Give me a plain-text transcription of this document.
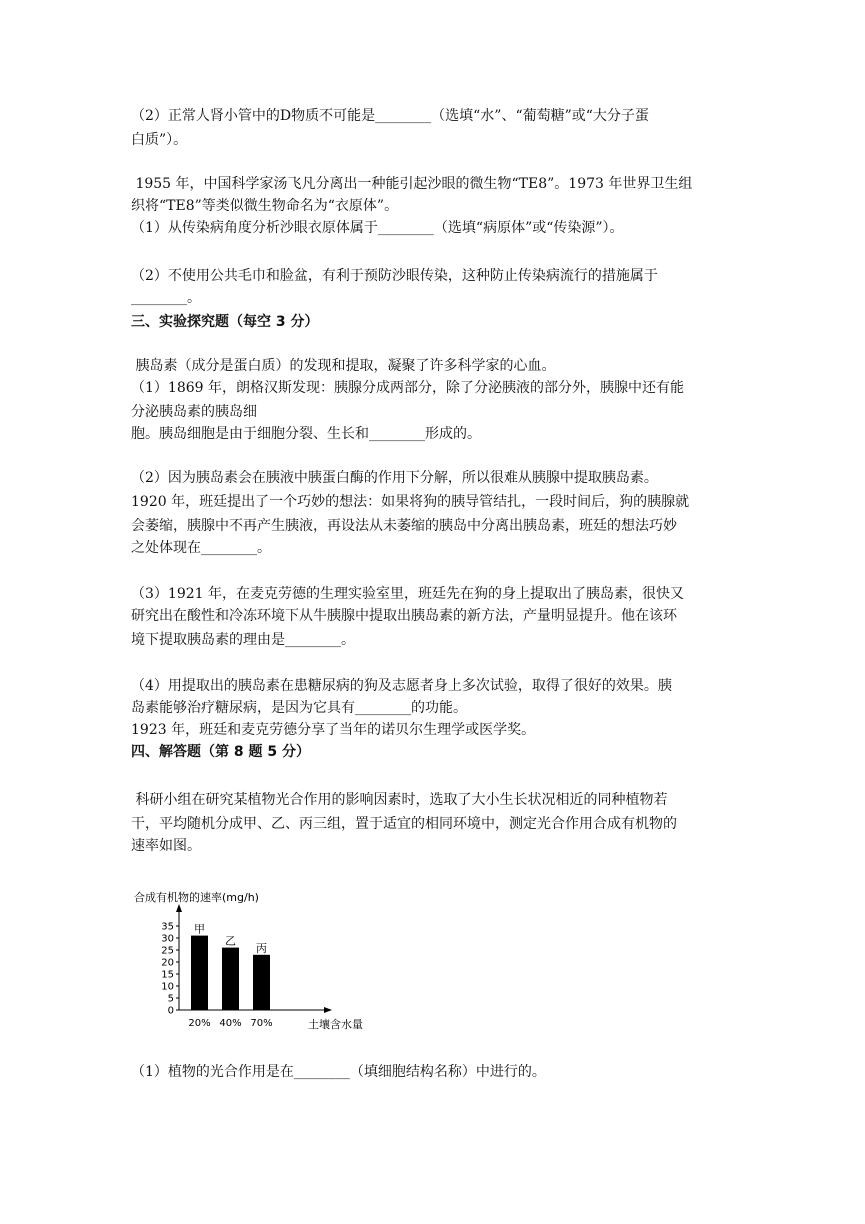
（2）正常人肾小管中的D物质不可能是________（选填“水”、“葡萄糖”或“大分子蛋
白质”）。
1955 年，中国科学家汤飞凡分离出一种能引起沙眼的微生物“TE8”。1973 年世界卫生组
织将“TE8”等类似微生物命名为“衣原体”。
（1）从传染病角度分析沙眼衣原体属于________（选填“病原体”或“传染源”）。
（2）不使用公共毛巾和脸盆，有利于预防沙眼传染，这种防止传染病流行的措施属于
________。
三、实验探究题（每空 3 分）
胰岛素（成分是蛋白质）的发现和提取，凝聚了许多科学家的心血。
（1）1869 年，朗格汉斯发现：胰腺分成两部分，除了分泌胰液的部分外，胰腺中还有能
分泌胰岛素的胰岛细
胞。胰岛细胞是由于细胞分裂、生长和________形成的。
（2）因为胰岛素会在胰液中胰蛋白酶的作用下分解，所以很难从胰腺中提取胰岛素。
1920 年，班廷提出了一个巧妙的想法：如果将狗的胰导管结扎，一段时间后，狗的胰腺就
会萎缩，胰腺中不再产生胰液，再设法从未萎缩的胰岛中分离出胰岛素，班廷的想法巧妙
之处体现在________。
（3）1921 年，在麦克劳德的生理实验室里，班廷先在狗的身上提取出了胰岛素，很快又
研究出在酸性和冷冻环境下从牛胰腺中提取出胰岛素的新方法，产量明显提升。他在该环
境下提取胰岛素的理由是________。
（4）用提取出的胰岛素在患糖尿病的狗及志愿者身上多次试验，取得了很好的效果。胰
岛素能够治疗糖尿病，是因为它具有________的功能。
1923 年，班廷和麦克劳德分享了当年的诺贝尔生理学或医学奖。
四、解答题（第 8 题 5 分）
科研小组在研究某植物光合作用的影响因素时，选取了大小生长状况相近的同种植物若
干，平均随机分成甲、乙、丙三组，置于适宜的相同环境中，测定光合作用合成有机物的
速率如图。
合成有机物的速率(mg/h)
0
5
10
15
20
25
30
35 甲
乙
丙
20% 40% 70%	土壤含水量
（1）植物的光合作用是在________（填细胞结构名称）中进行的。
